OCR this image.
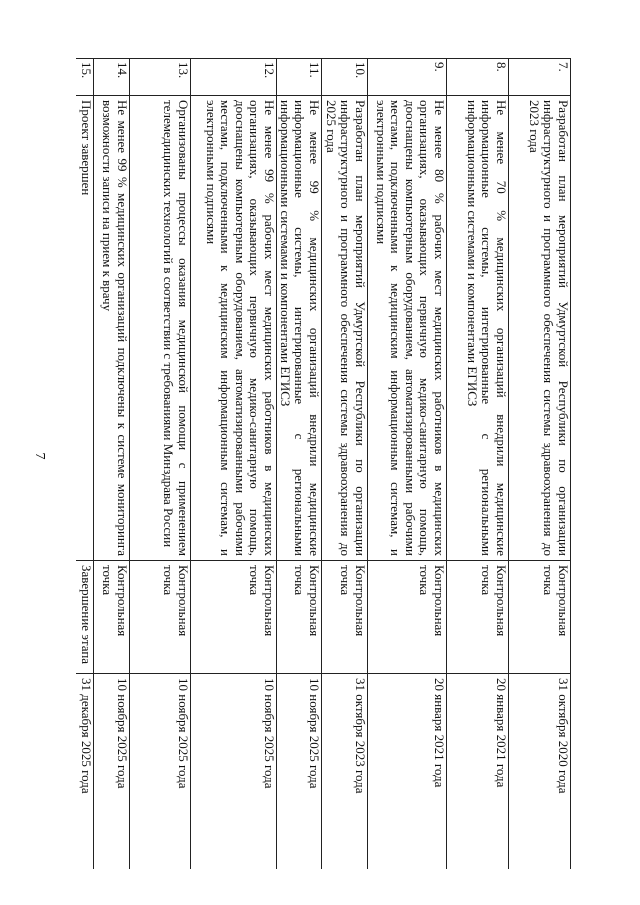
7
7.	Разработан план мероприятий Удмуртской Республики по организации инфраструктурного и программного обеспечения системы здравоохранения до 2023 года	Контрольная точка	31 октября 2020 года
8.	Не менее 70 % медицинских организаций внедрили медицинские информационные системы, интегрированные с региональными информационными системами и компонентами ЕГИСЗ	Контрольная точка	20 января 2021 года
9.	Не менее 80 % рабочих мест медицинских работников в медицинских организациях, оказывающих первичную медико-санитарную помощь, дооснащены компьютерным оборудованием, автоматизированными рабочими местами, подключенными к медицинским информационным системам, и электронными подписями	Контрольная точка	20 января 2021 года
10.	Разработан план мероприятий Удмуртской Республики по организации инфраструктурного и программного обеспечения системы здравоохранения до 2025 года	Контрольная точка	31 октября 2023 года
11.	Не менее 99 % медицинских организаций внедрили медицинские информационные системы, интегрированные с региональными информационными системами и компонентами ЕГИСЗ	Контрольная точка	10 ноября 2025 года
12.	Не менее 99 % рабочих мест медицинских работников в медицинских организациях, оказывающих первичную медико-санитарную помощь, дооснащены компьютерным оборудованием, автоматизированными рабочими местами, подключенными к медицинским информационным системам, и электронными подписями	Контрольная точка	10 ноября 2025 года
13.	Организованы процессы оказания медицинской помощи с применением телемедицинских технологий в соответствии с требованиями Минздрава России	Контрольная точка	10 ноября 2025 года
14.	Не менее 99 % медицинских организаций подключены к системе мониторинга возможности записи на прием к врачу	Контрольная точка	10 ноября 2025 года
15.	Проект завершен	Завершение этапа	31 декабря 2025 года
